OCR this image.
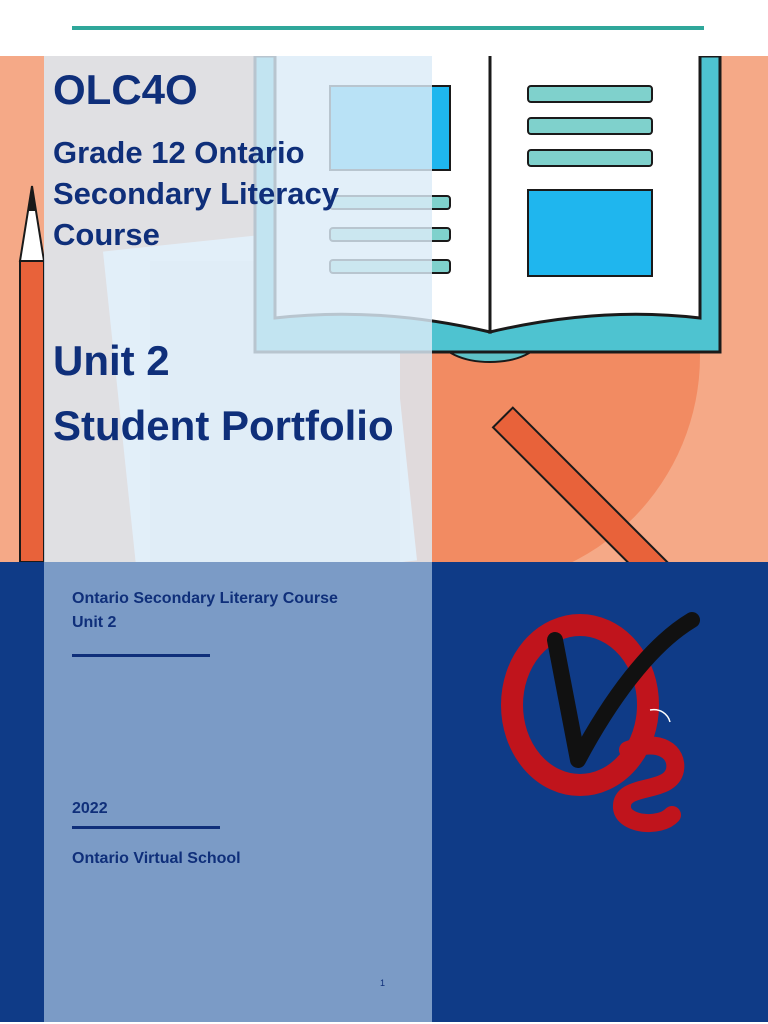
OLC4O
Grade 12 Ontario Secondary Literacy Course
Unit 2
Student Portfolio
Ontario Secondary Literary Course
Unit 2
2022
Ontario Virtual School
1
